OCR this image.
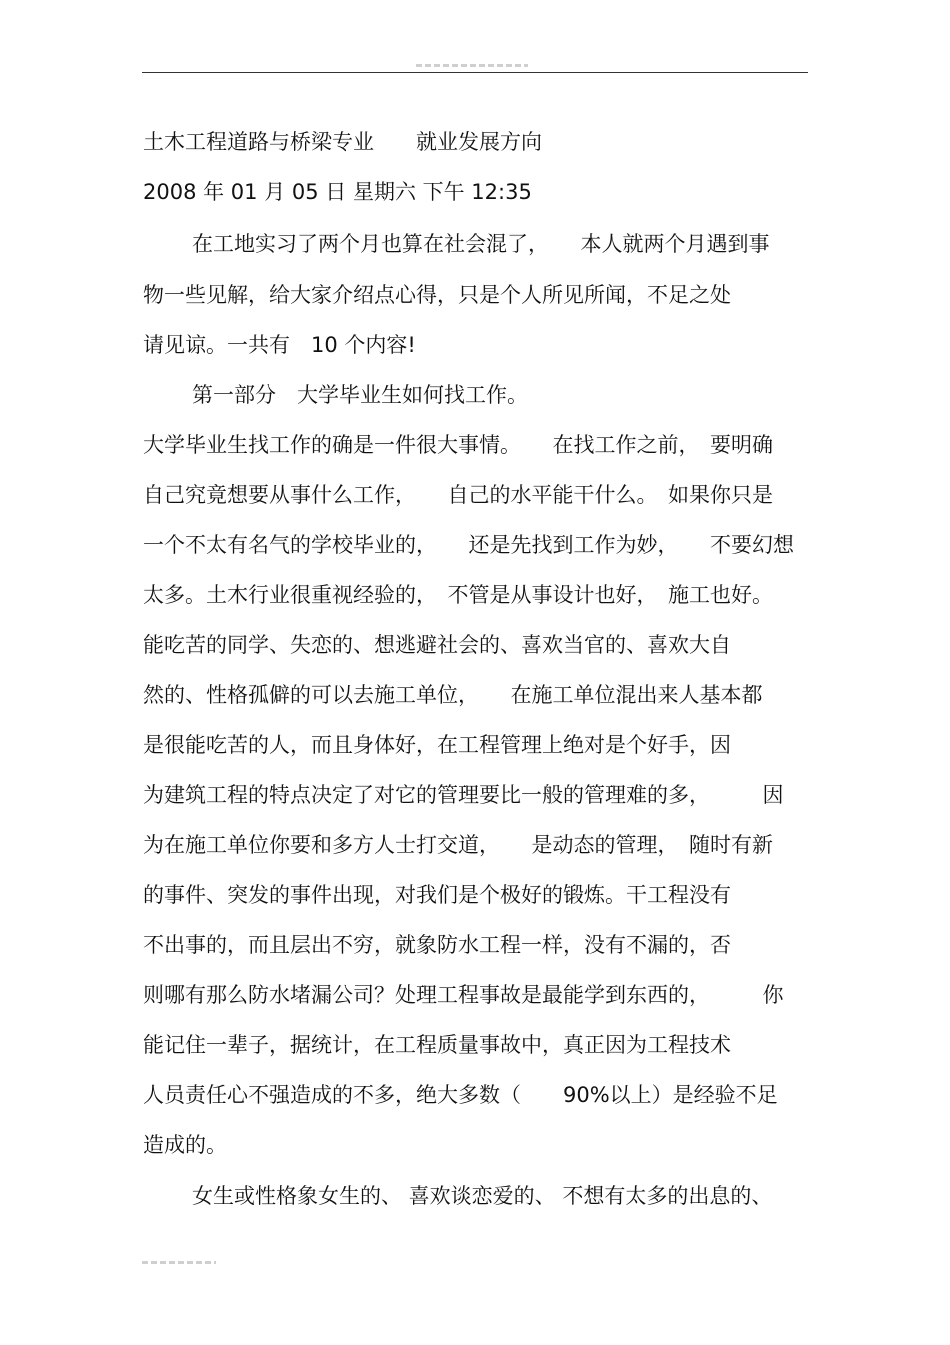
土木工程道路与桥梁专业　　就业发展方向
2008 年 01 月 05 日 星期六 下午 12:35
在工地实习了两个月也算在社会混了，　　本人就两个月遇到事
物一些见解，给大家介绍点心得，只是个人所见所闻，不足之处
请见谅。一共有　10 个内容!
第一部分　大学毕业生如何找工作。
大学毕业生找工作的确是一件很大事情。　　在找工作之前，　要明确
自己究竟想要从事什么工作，　　自己的水平能干什么。　如果你只是
一个不太有名气的学校毕业的，　　还是先找到工作为妙，　　不要幻想
太多。土木行业很重视经验的，　不管是从事设计也好，　施工也好。
能吃苦的同学、失恋的、想逃避社会的、喜欢当官的、喜欢大自
然的、性格孤僻的可以去施工单位，　　在施工单位混出来人基本都
是很能吃苦的人，而且身体好，在工程管理上绝对是个好手，因
为建筑工程的特点决定了对它的管理要比一般的管理难的多，　　　因
为在施工单位你要和多方人士打交道，　　是动态的管理，　随时有新
的事件、突发的事件出现，对我们是个极好的锻炼。干工程没有
不出事的，而且层出不穷，就象防水工程一样，没有不漏的，否
则哪有那么防水堵漏公司？处理工程事故是最能学到东西的，　　　你
能记住一辈子，据统计，在工程质量事故中，真正因为工程技术
人员责任心不强造成的不多，绝大多数（　　90%以上）是经验不足
造成的。
女生或性格象女生的、 喜欢谈恋爱的、 不想有太多的出息的、
